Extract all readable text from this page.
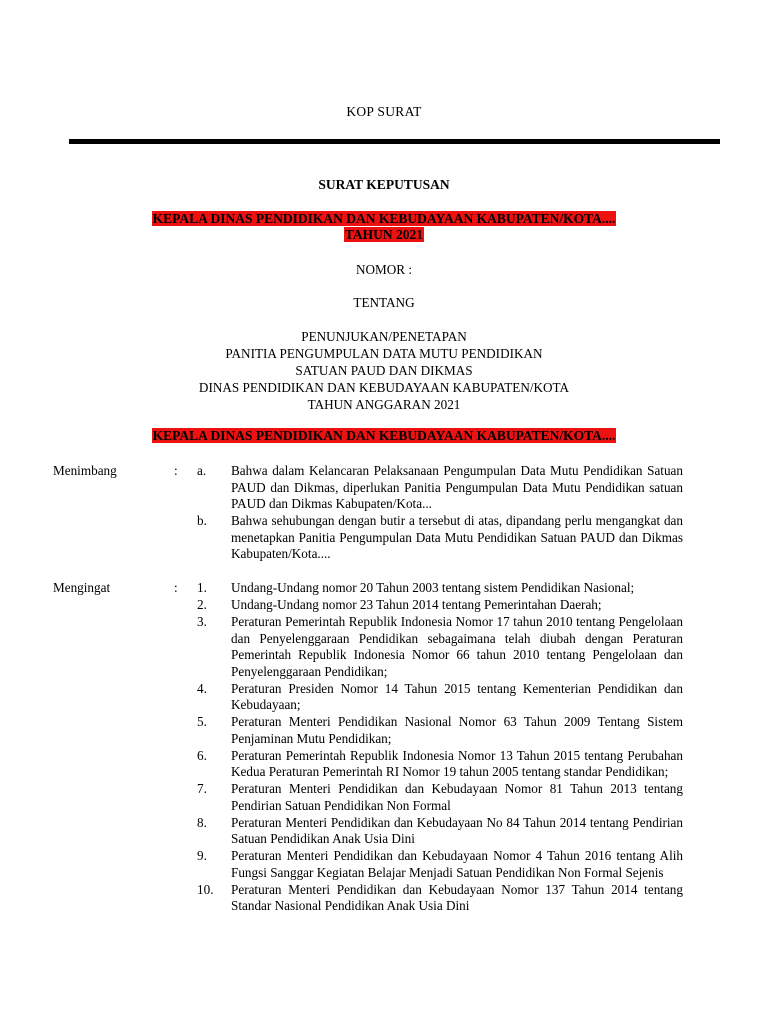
KOP SURAT
SURAT KEPUTUSAN
KEPALA DINAS PENDIDIKAN DAN KEBUDAYAAN KABUPATEN/KOTA....
TAHUN 2021
NOMOR :
TENTANG
PENUNJUKAN/PENETAPAN
PANITIA PENGUMPULAN DATA MUTU PENDIDIKAN
SATUAN PAUD DAN DIKMAS
DINAS PENDIDIKAN DAN KEBUDAYAAN KABUPATEN/KOTA
TAHUN ANGGARAN 2021
KEPALA DINAS PENDIDIKAN DAN KEBUDAYAAN KABUPATEN/KOTA....
Menimbang	: a. Bahwa dalam Kelancaran Pelaksanaan Pengumpulan Data Mutu Pendidikan Satuan PAUD dan Dikmas, diperlukan Panitia Pengumpulan Data Mutu Pendidikan satuan PAUD dan Dikmas Kabupaten/Kota...
b. Bahwa sehubungan dengan butir a tersebut di atas, dipandang perlu mengangkat dan menetapkan Panitia Pengumpulan Data Mutu Pendidikan Satuan PAUD dan Dikmas Kabupaten/Kota....
Mengingat	: 1. Undang-Undang nomor 20 Tahun 2003 tentang sistem Pendidikan Nasional;
2. Undang-Undang nomor 23 Tahun 2014 tentang Pemerintahan Daerah;
3. Peraturan Pemerintah Republik Indonesia Nomor 17 tahun 2010 tentang Pengelolaan dan Penyelenggaraan Pendidikan sebagaimana telah diubah dengan Peraturan Pemerintah Republik Indonesia Nomor 66 tahun 2010 tentang Pengelolaan dan Penyelenggaraan Pendidikan;
4. Peraturan Presiden Nomor 14 Tahun 2015 tentang Kementerian Pendidikan dan Kebudayaan;
5. Peraturan Menteri Pendidikan Nasional Nomor 63 Tahun 2009 Tentang Sistem Penjaminan Mutu Pendidikan;
6. Peraturan Pemerintah Republik Indonesia Nomor 13 Tahun 2015 tentang Perubahan Kedua Peraturan Pemerintah RI Nomor 19 tahun 2005 tentang standar Pendidikan;
7. Peraturan Menteri Pendidikan dan Kebudayaan Nomor 81 Tahun 2013 tentang Pendirian Satuan Pendidikan Non Formal
8. Peraturan Menteri Pendidikan dan Kebudayaan No 84 Tahun 2014 tentang Pendirian Satuan Pendidikan Anak Usia Dini
9. Peraturan Menteri Pendidikan dan Kebudayaan Nomor 4 Tahun 2016 tentang Alih Fungsi Sanggar Kegiatan Belajar Menjadi Satuan Pendidikan Non Formal Sejenis
10. Peraturan Menteri Pendidikan dan Kebudayaan Nomor 137 Tahun 2014 tentang Standar Nasional Pendidikan Anak Usia Dini
